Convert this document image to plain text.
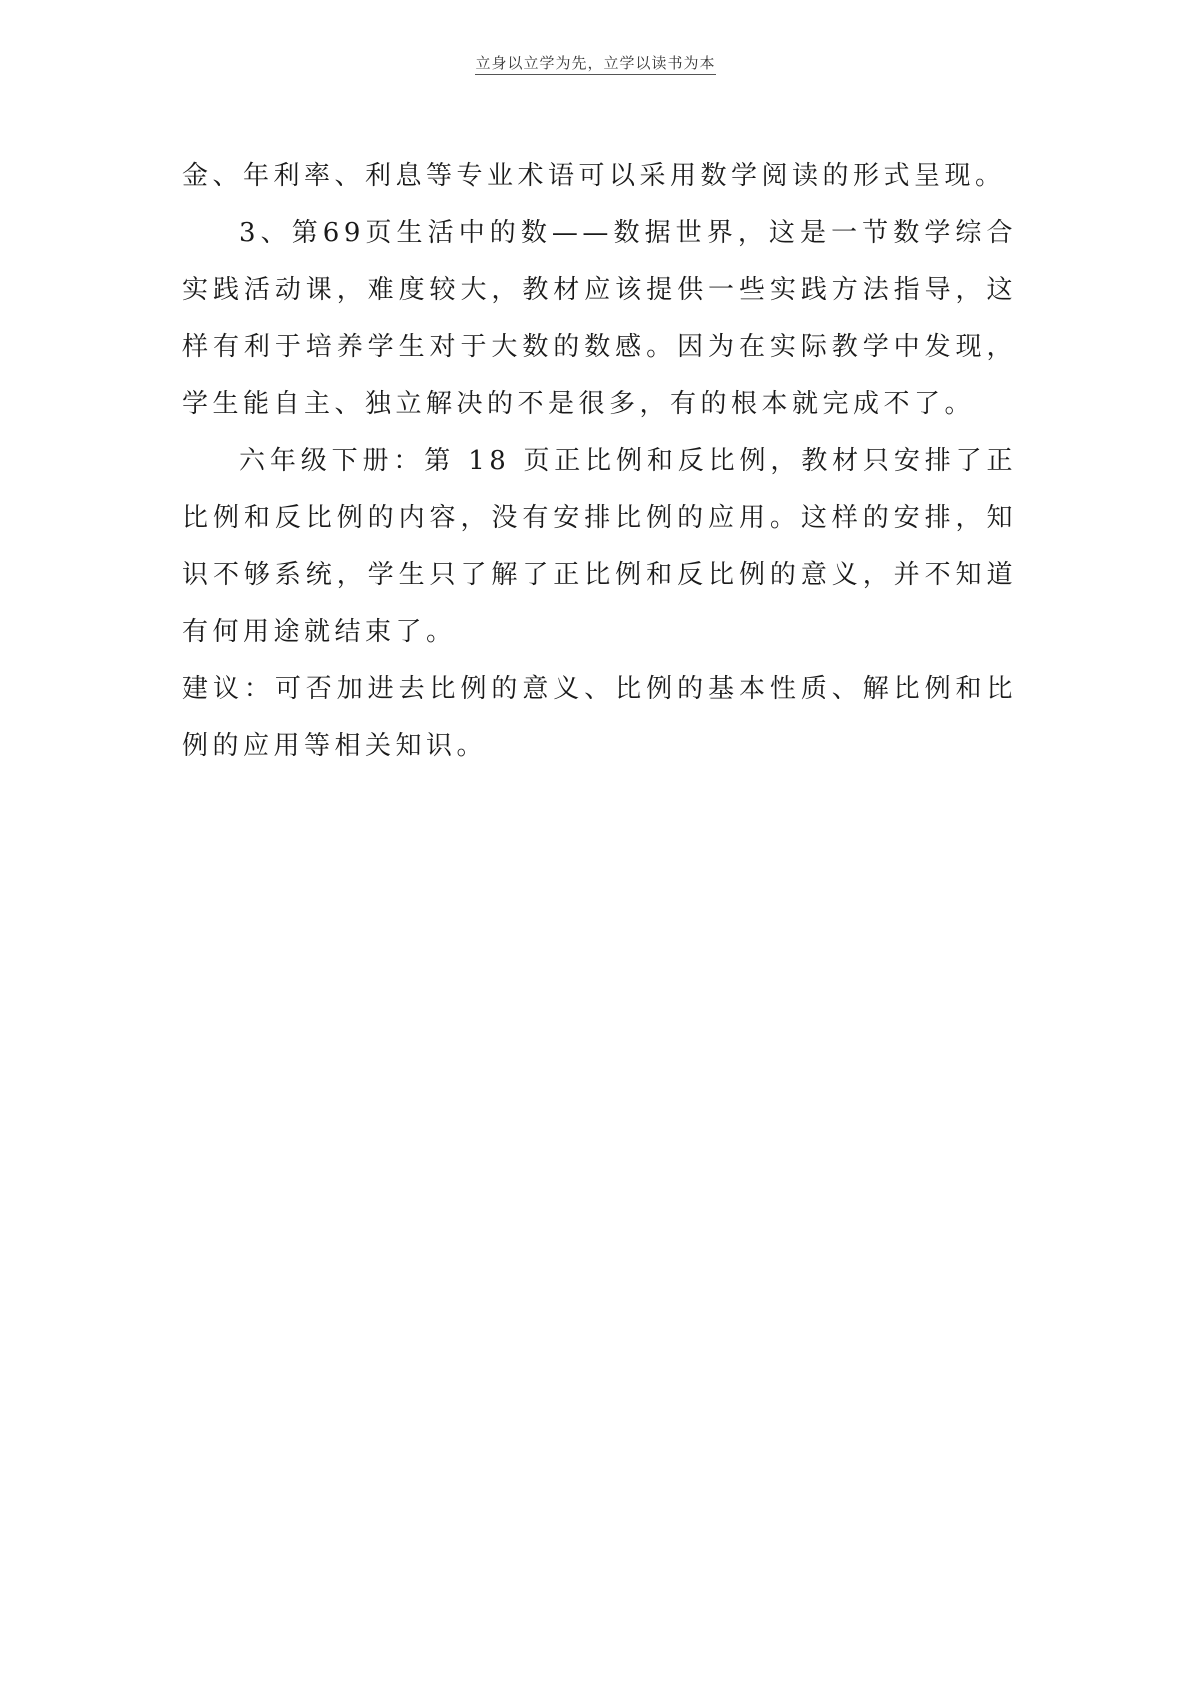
立身以立学为先，立学以读书为本

金、年利率、利息等专业术语可以采用数学阅读的形式呈现。

3、第69页生活中的数——数据世界，这是一节数学综合实践活动课，难度较大，教材应该提供一些实践方法指导，这样有利于培养学生对于大数的数感。因为在实际教学中发现，学生能自主、独立解决的不是很多，有的根本就完成不了。

六年级下册：第 18 页正比例和反比例，教材只安排了正比例和反比例的内容，没有安排比例的应用。这样的安排，知识不够系统，学生只了解了正比例和反比例的意义，并不知道有何用途就结束了。

建议：可否加进去比例的意义、比例的基本性质、解比例和比例的应用等相关知识。
